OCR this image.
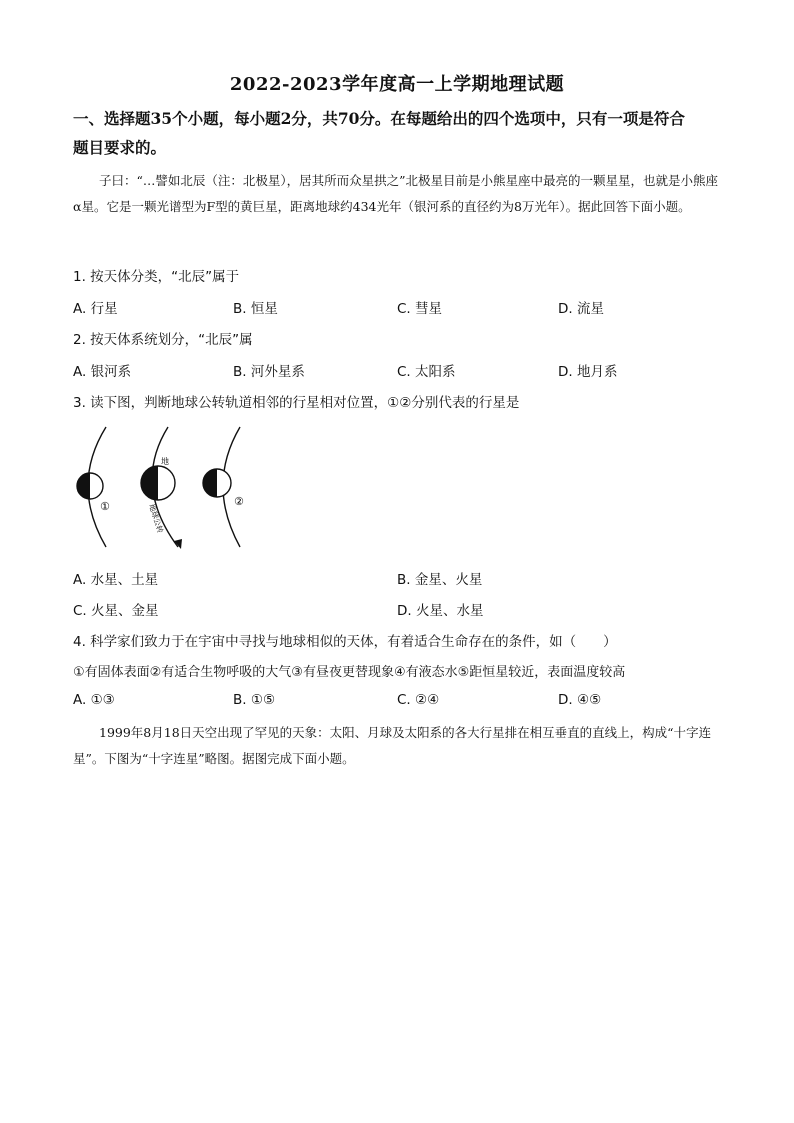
2022-2023学年度高一上学期地理试题
一、选择题35个小题，每小题2分，共70分。在每题给出的四个选项中，只有一项是符合
题目要求的。
子曰：“…譬如北辰（注：北极星），居其所而众星拱之”北极星目前是小熊星座中最亮的一颗星星，也就是小熊座α星。它是一颗光谱型为F型的黄巨星，距离地球约434光年（银河系的直径约为8万光年）。据此回答下面小题。
1. 按天体分类，“北辰”属于
A. 行星	B. 恒星	C. 彗星	D. 流星
2. 按天体系统划分，“北辰”属
A. 银河系	B. 河外星系	C. 太阳系	D. 地月系
3. 读下图，判断地球公转轨道相邻的行星相对位置，①②分别代表的行星是
①	②
地
地球公转
A. 水星、土星	B. 金星、火星
C. 火星、金星	D. 火星、水星
4. 科学家们致力于在宇宙中寻找与地球相似的天体，有着适合生命存在的条件，如（　　）
①有固体表面②有适合生物呼吸的大气③有昼夜更替现象④有液态水⑤距恒星较近，表面温度较高
A. ①③	B. ①⑤	C. ②④	D. ④⑤
1999年8月18日天空出现了罕见的天象：太阳、月球及太阳系的各大行星排在相互垂直的直线上，构成“十字连星”。下图为“十字连星”略图。据图完成下面小题。
